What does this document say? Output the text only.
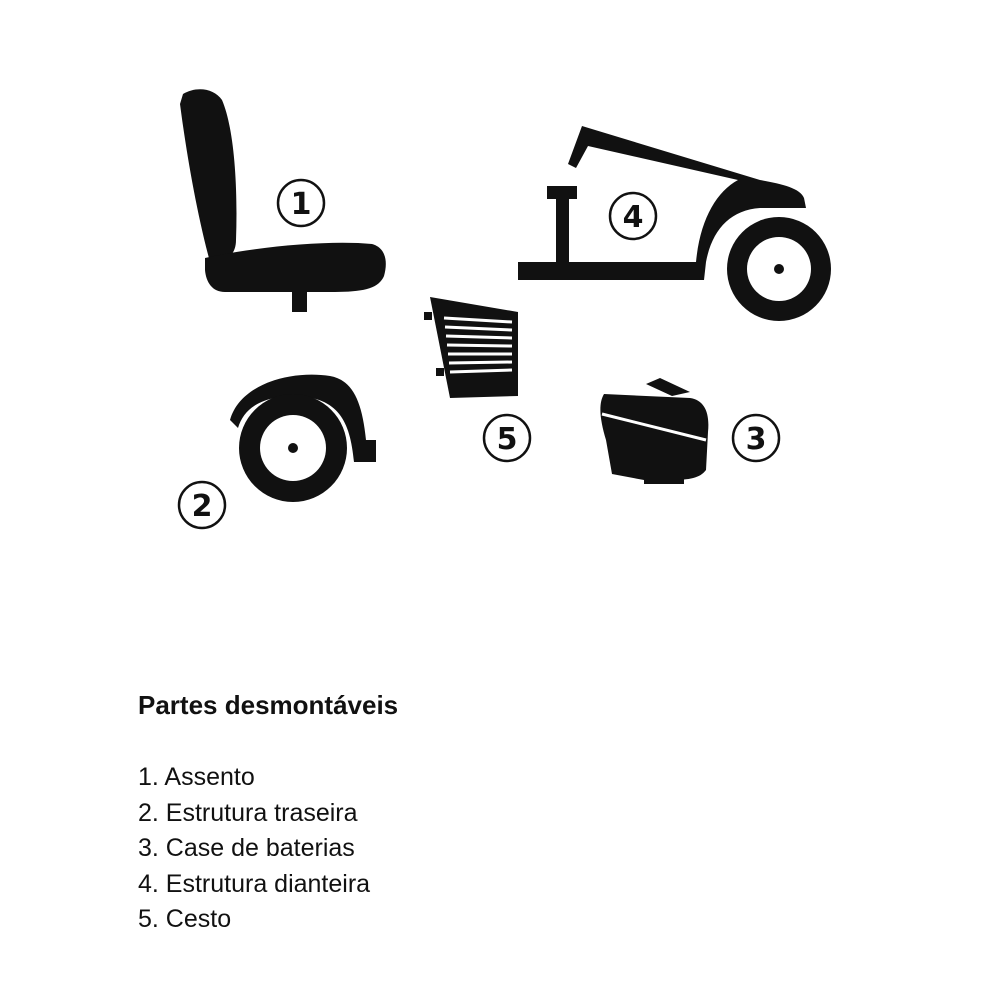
1	4
5	3
2
Partes desmontáveis
1. Assento
2. Estrutura traseira
3. Case de baterias
4. Estrutura dianteira
5. Cesto
